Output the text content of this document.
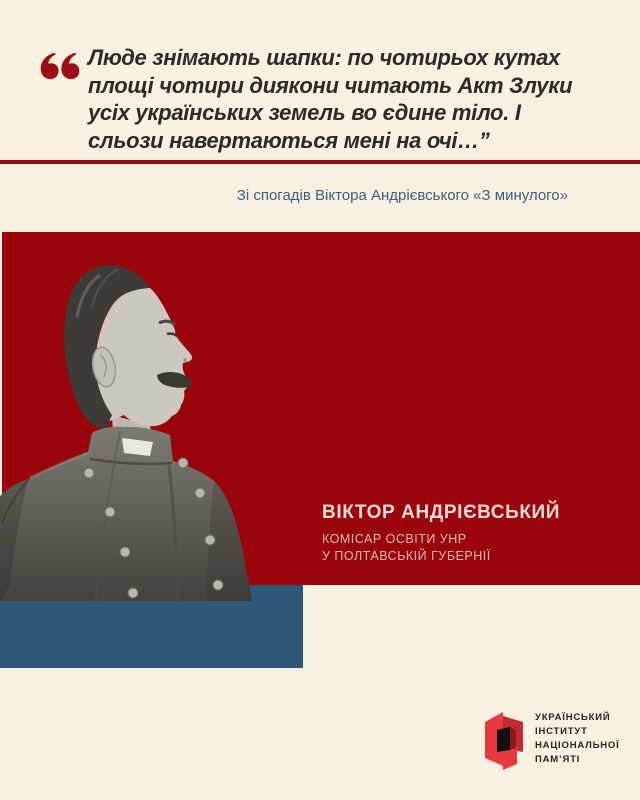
Люде знімають шапки: по чотирьох кутах
площі чотири диякони читають Акт Злуки
усіх українських земель во єдине тіло. І
сльози навертаються мені на очі…”
Зі спогадів Віктора Андрієвського «З минулого»
ВІКТОР АНДРІЄВСЬКИЙ
КОМІСАР ОСВІТИ УНР
У ПОЛТАВСЬКІЙ ГУБЕРНІЇ
УКРАЇНСЬКИЙ
ІНСТИТУТ
НАЦІОНАЛЬНОЇ
ПАМ’ЯТІ
